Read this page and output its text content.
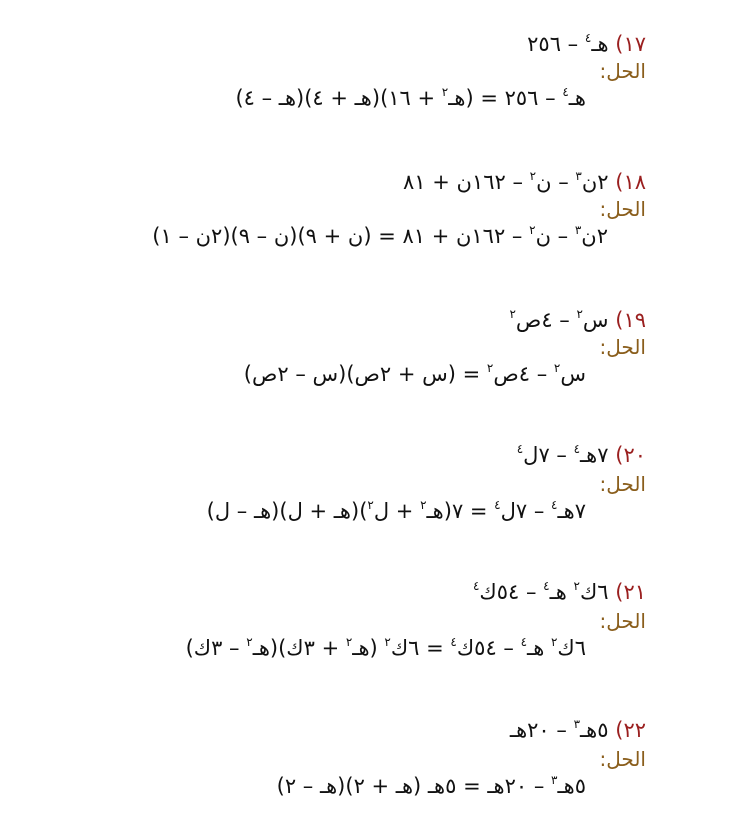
١٧) هـ$^٤$ – ٢٥٦
الحل:
هـ$^٤$ – ٢٥٦ = (هـ$^٢$ + ١٦)(هـ + ٤)(هـ – ٤)
١٨) ٢ن$^٣$ – ن$^٢$ – ١٦٢ن + ٨١
الحل:
٢ن$^٣$ – ن$^٢$ – ١٦٢ن + ٨١ = (ن + ٩)(ن – ٩)(٢ن – ١)
١٩) س$^٢$ – ٤ص$^٢$
الحل:
س$^٢$ – ٤ص$^٢$ = (س + ٢ص)(س – ٢ص)
٢٠) ٧هـ$^٤$ – ٧ل$^٤$
الحل:
٧هـ$^٤$ – ٧ل$^٤$ = ٧(هـ$^٢$ + ل$^٢$)(هـ + ل)(هـ – ل)
٢١) ٦ك$^٢$ هـ$^٤$ – ٥٤ك$^٤$
الحل:
٦ك$^٢$ هـ$^٤$ – ٥٤ك$^٤$ = ٦ك$^٢$ (هـ$^٢$ + ٣ك)(هـ$^٢$ – ٣ك)
٢٢) ٥هـ$^٣$ – ٢٠هـ
الحل:
٥هـ$^٣$ – ٢٠هـ = ٥هـ (هـ + ٢)(هـ – ٢)
